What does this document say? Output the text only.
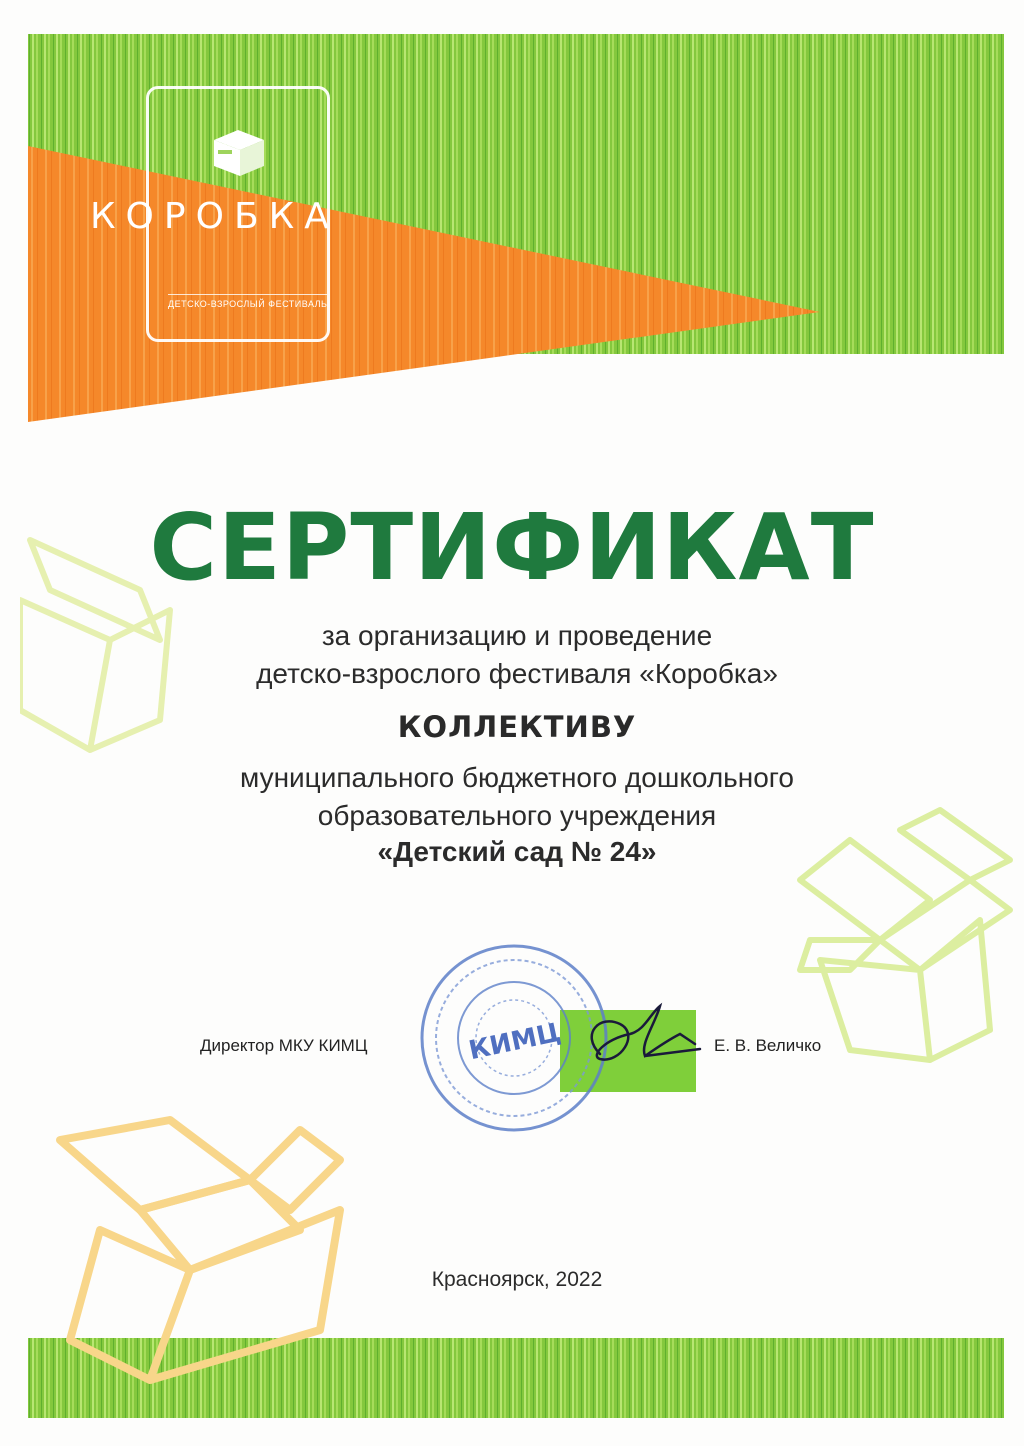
КОРОБКА
ДЕТСКО-ВЗРОСЛЫЙ ФЕСТИВАЛЬ
СЕРТИФИКАТ
за организацию и проведение
детско-взрослого фестиваля «Коробка»
КОЛЛЕКТИВУ
муниципального бюджетного дошкольного
образовательного учреждения
«Детский сад № 24»
Директор МКУ КИМЦ	КИМЦ	Е. В. Величко
Красноярск, 2022
